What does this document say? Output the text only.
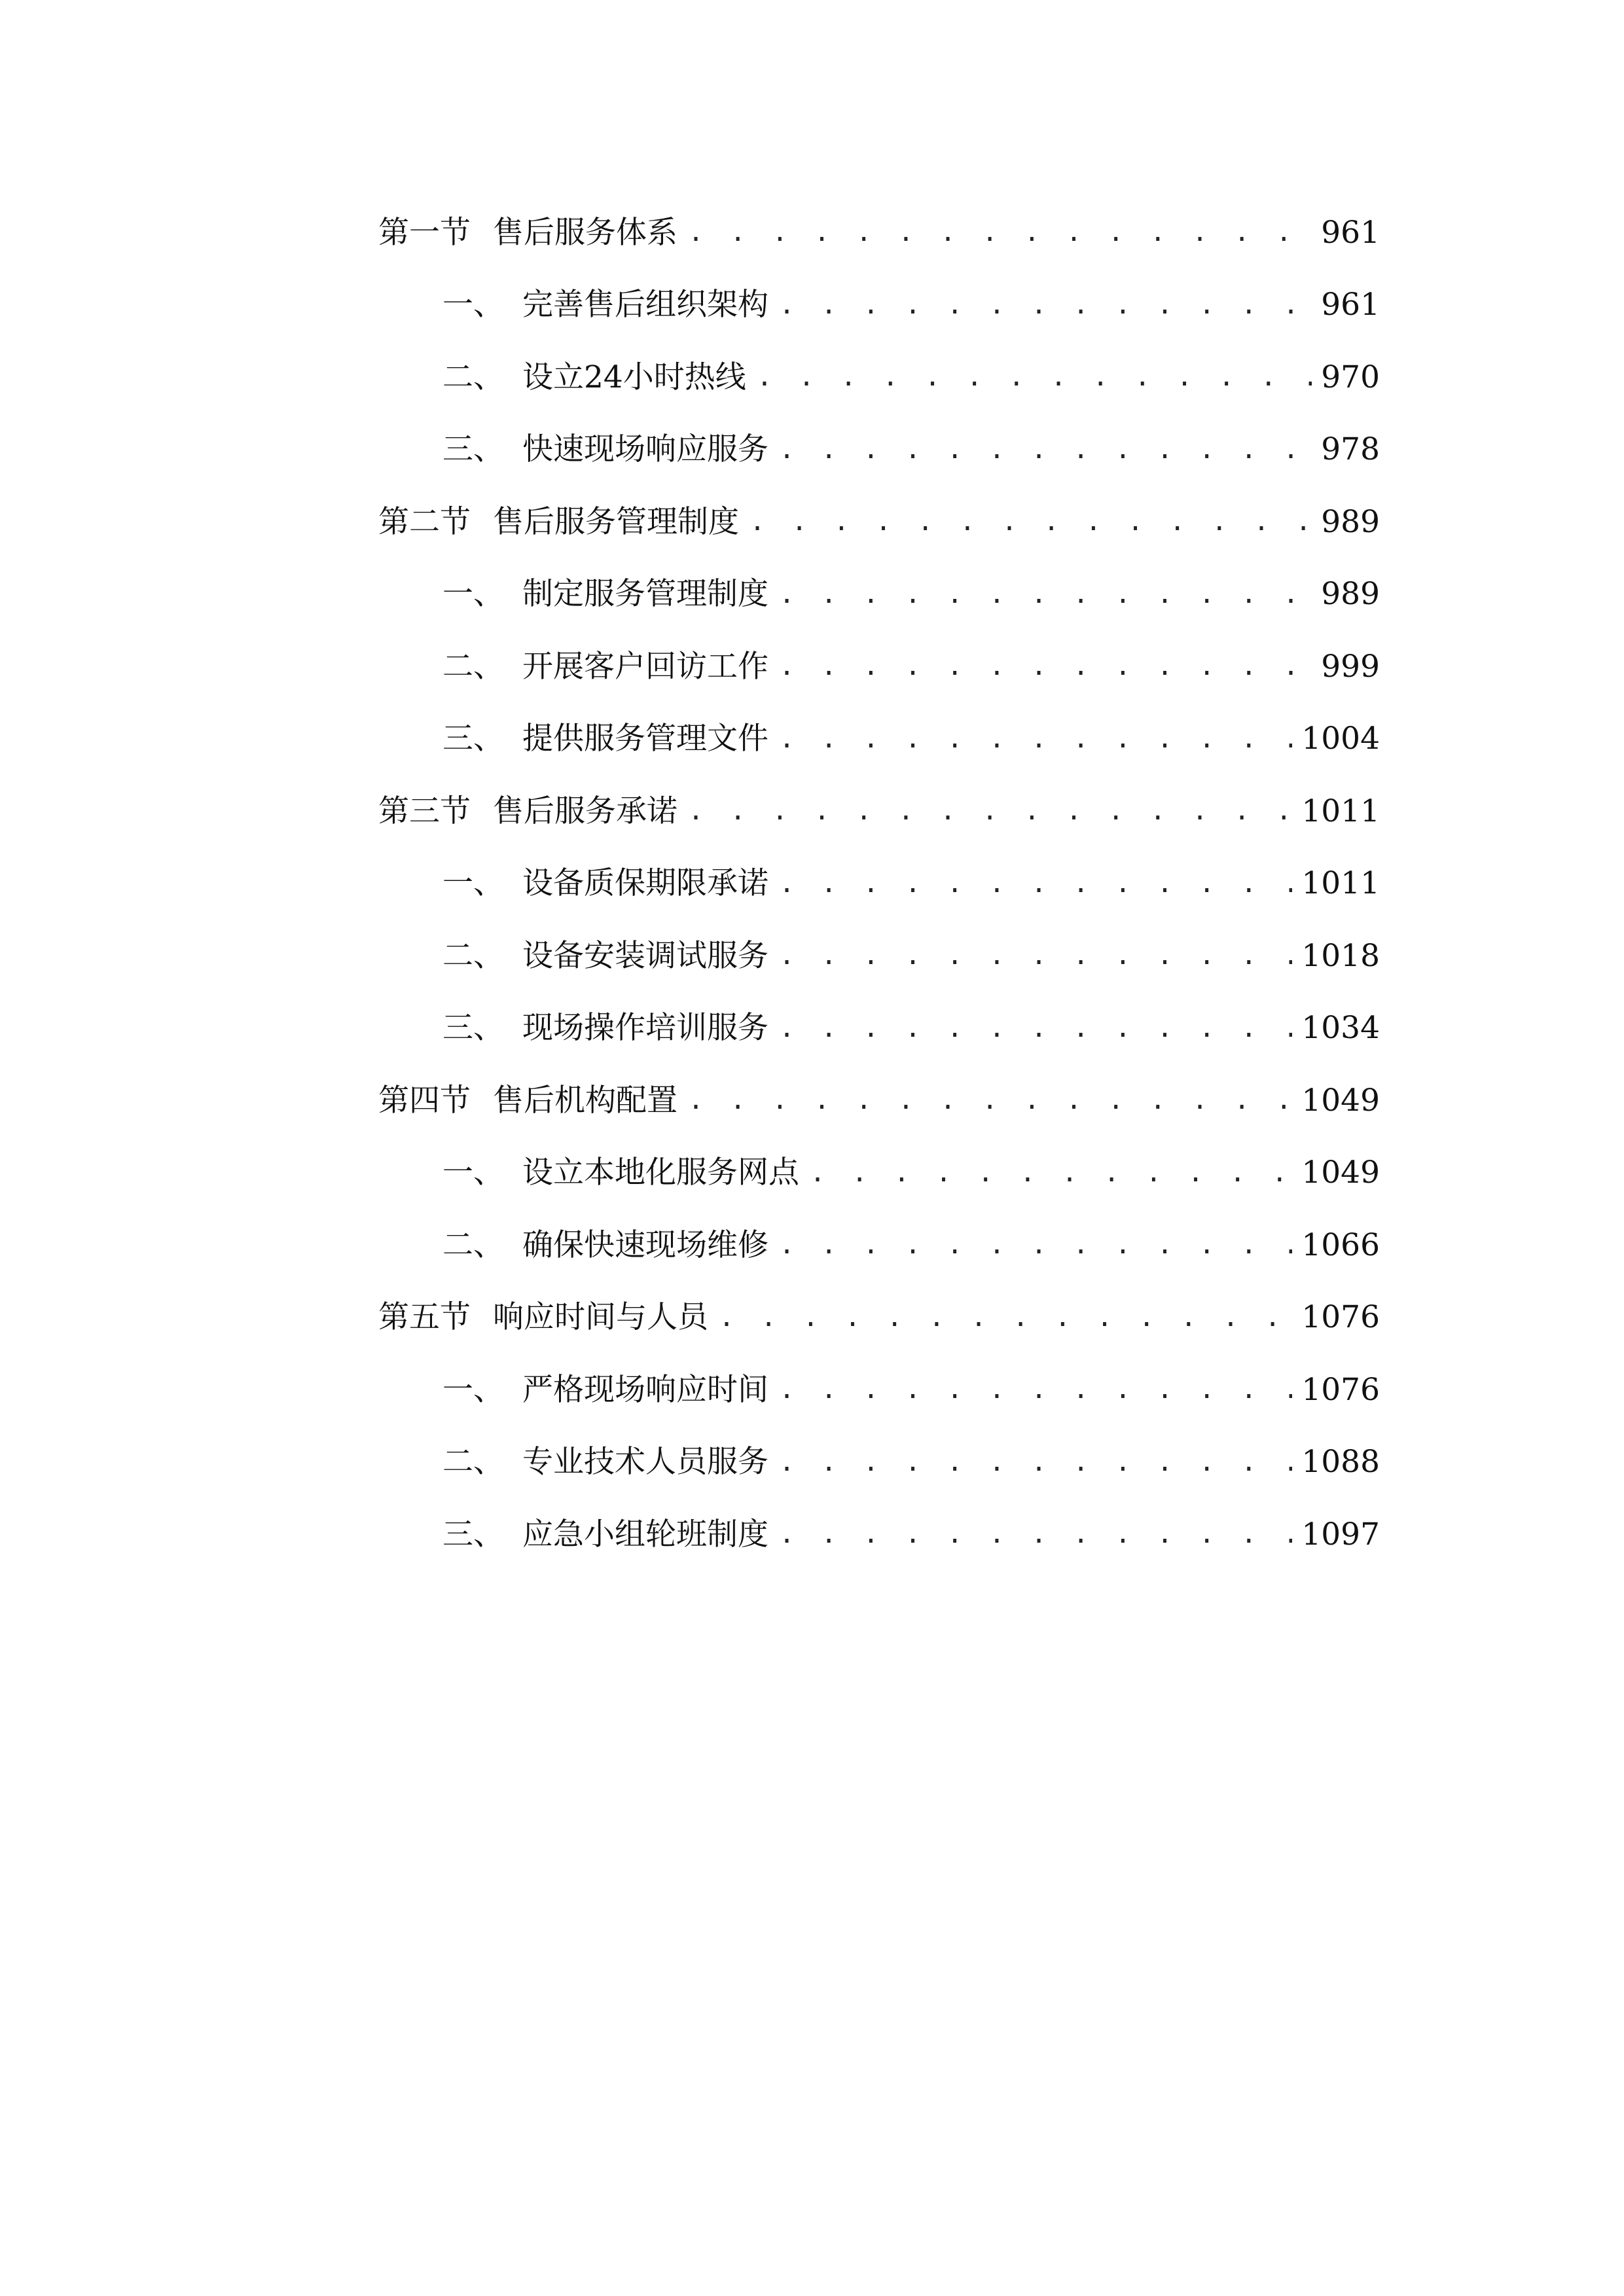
第一节 售后服务体系 . . .	961
一、 完善售后组织架构 . . .	961
二、 设立24小时热线 . . .	970
三、 快速现场响应服务 . . .	978
第二节 售后服务管理制度 . . .	989
一、 制定服务管理制度 . . .	989
二、 开展客户回访工作 . . .	999
三、 提供服务管理文件 . . .	1004
第三节 售后服务承诺 . . .	1011
一、 设备质保期限承诺 . . .	1011
二、 设备安装调试服务 . . .	1018
三、 现场操作培训服务 . . .	1034
第四节 售后机构配置 . . .	1049
一、 设立本地化服务网点 . . .	1049
二、 确保快速现场维修 . . .	1066
第五节 响应时间与人员 . . .	1076
一、 严格现场响应时间 . . .	1076
二、 专业技术人员服务 . . .	1088
三、 应急小组轮班制度 . . .	1097
